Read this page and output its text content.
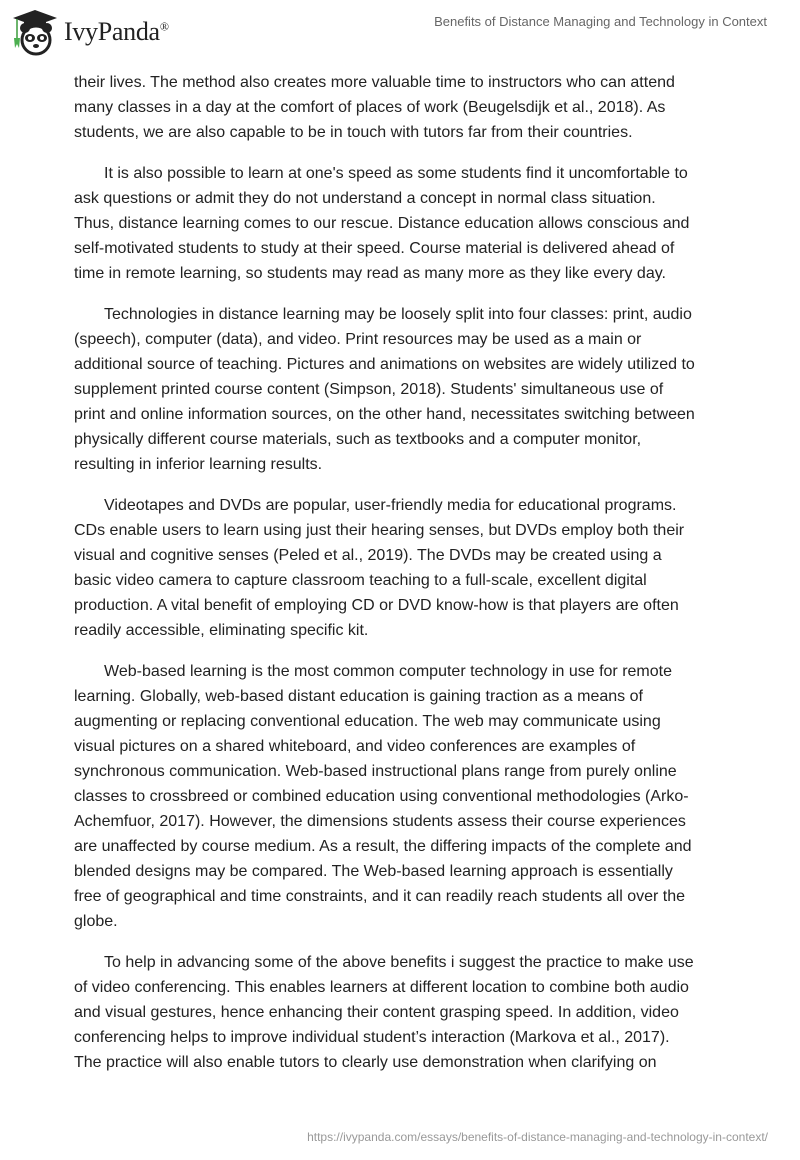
IvyPanda®	Benefits of Distance Managing and Technology in Context
their lives. The method also creates more valuable time to instructors who can attend
many classes in a day at the comfort of places of work (Beugelsdijk et al., 2018). As
students, we are also capable to be in touch with tutors far from their countries.
It is also possible to learn at one's speed as some students find it uncomfortable to
ask questions or admit they do not understand a concept in normal class situation.
Thus, distance learning comes to our rescue. Distance education allows conscious and
self-motivated students to study at their speed. Course material is delivered ahead of
time in remote learning, so students may read as many more as they like every day.
Technologies in distance learning may be loosely split into four classes: print, audio
(speech), computer (data), and video. Print resources may be used as a main or
additional source of teaching. Pictures and animations on websites are widely utilized to
supplement printed course content (Simpson, 2018). Students' simultaneous use of
print and online information sources, on the other hand, necessitates switching between
physically different course materials, such as textbooks and a computer monitor,
resulting in inferior learning results.
Videotapes and DVDs are popular, user-friendly media for educational programs.
CDs enable users to learn using just their hearing senses, but DVDs employ both their
visual and cognitive senses (Peled et al., 2019). The DVDs may be created using a
basic video camera to capture classroom teaching to a full-scale, excellent digital
production. A vital benefit of employing CD or DVD know-how is that players are often
readily accessible, eliminating specific kit.
Web-based learning is the most common computer technology in use for remote
learning. Globally, web-based distant education is gaining traction as a means of
augmenting or replacing conventional education. The web may communicate using
visual pictures on a shared whiteboard, and video conferences are examples of
synchronous communication. Web-based instructional plans range from purely online
classes to crossbreed or combined education using conventional methodologies (Arko-
Achemfuor, 2017). However, the dimensions students assess their course experiences
are unaffected by course medium. As a result, the differing impacts of the complete and
blended designs may be compared. The Web-based learning approach is essentially
free of geographical and time constraints, and it can readily reach students all over the
globe.
To help in advancing some of the above benefits i suggest the practice to make use
of video conferencing. This enables learners at different location to combine both audio
and visual gestures, hence enhancing their content grasping speed. In addition, video
conferencing helps to improve individual student’s interaction (Markova et al., 2017).
The practice will also enable tutors to clearly use demonstration when clarifying on
https://ivypanda.com/essays/benefits-of-distance-managing-and-technology-in-context/
